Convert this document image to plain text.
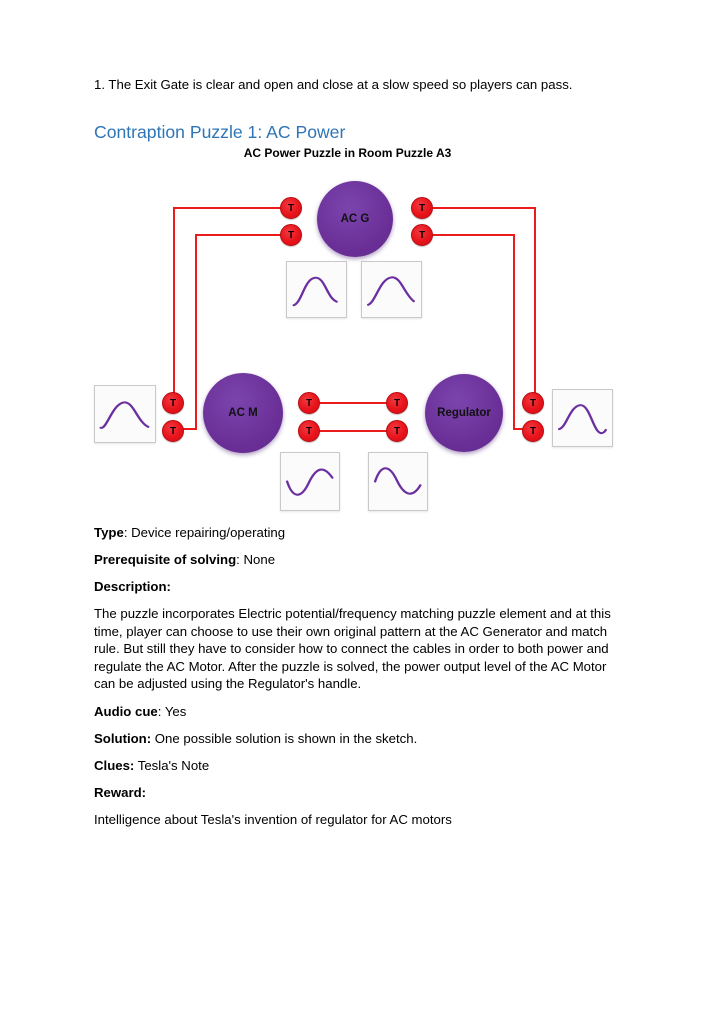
AC G
AC M	Regulator
T
T
T
T
T
T
T
T
T
T
T
T

1. The Exit Gate is clear and open and close at a slow speed so players can pass.

Contraption Puzzle 1: AC Power
AC Power Puzzle in Room Puzzle A3

Type: Device repairing/operating

Prerequisite of solving: None

Description:

The puzzle incorporates Electric potential/frequency matching puzzle element and at this time, player can choose to use their own original pattern at the AC Generator and match rule. But still they have to consider how to connect the cables in order to both power and regulate the AC Motor. After the puzzle is solved, the power output level of the AC Motor can be adjusted using the Regulator's handle.

Audio cue: Yes

Solution: One possible solution is shown in the sketch.

Clues: Tesla's Note

Reward:

Intelligence about Tesla's invention of regulator for AC motors
